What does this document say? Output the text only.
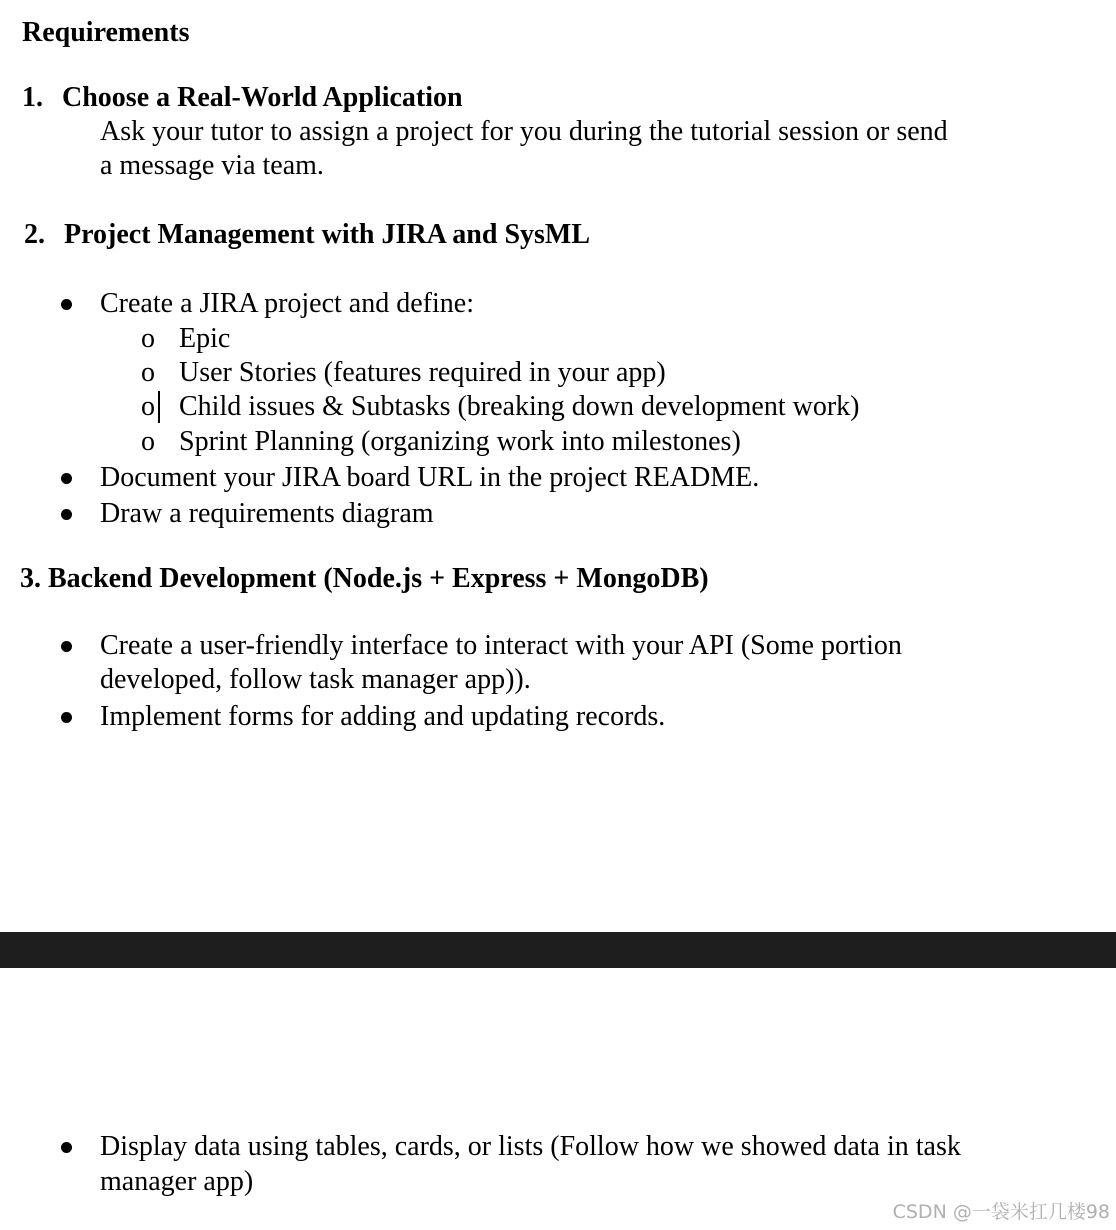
Requirements
1. Choose a Real-World Application
Ask your tutor to assign a project for you during the tutorial session or send
a message via team.
2. Project Management with JIRA and SysML
Create a JIRA project and define:
o Epic
o User Stories (features required in your app)
o Child issues & Subtasks (breaking down development work)
o Sprint Planning (organizing work into milestones)
Document your JIRA board URL in the project README.
Draw a requirements diagram
3. Backend Development (Node.js + Express + MongoDB)
Create a user-friendly interface to interact with your API (Some portion
developed, follow task manager app)).
Implement forms for adding and updating records.
Display data using tables, cards, or lists (Follow how we showed data in task
manager app)
CSDN @一袋米扛几楼98
